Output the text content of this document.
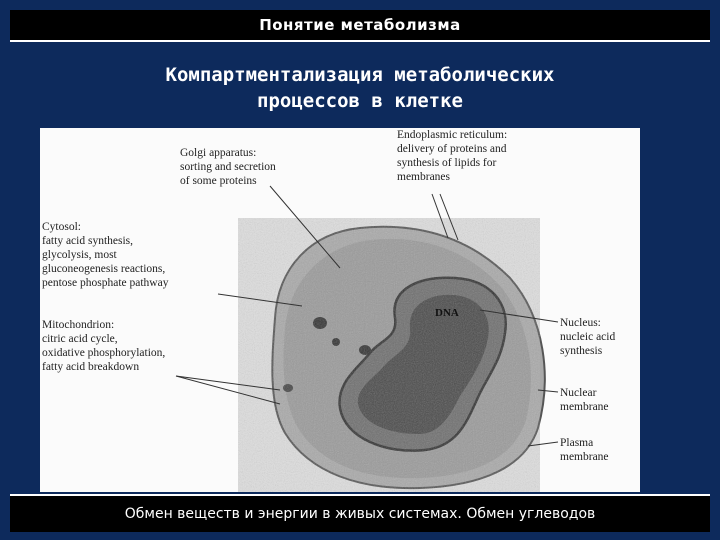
Понятие метаболизма
Компартментализация метаболических
процессов в клетке
DNA
Golgi apparatus:
sorting and secretion
of some proteins
Endoplasmic reticulum:
delivery of proteins and
synthesis of lipids for
membranes
Cytosol:
fatty acid synthesis,
glycolysis, most
gluconeogenesis reactions,
pentose phosphate pathway
Mitochondrion:
citric acid cycle,
oxidative phosphorylation,
fatty acid breakdown
Nucleus:
nucleic acid
synthesis
Nuclear
membrane
Plasma
membrane
Обмен веществ и энергии в живых системах. Обмен углеводов
